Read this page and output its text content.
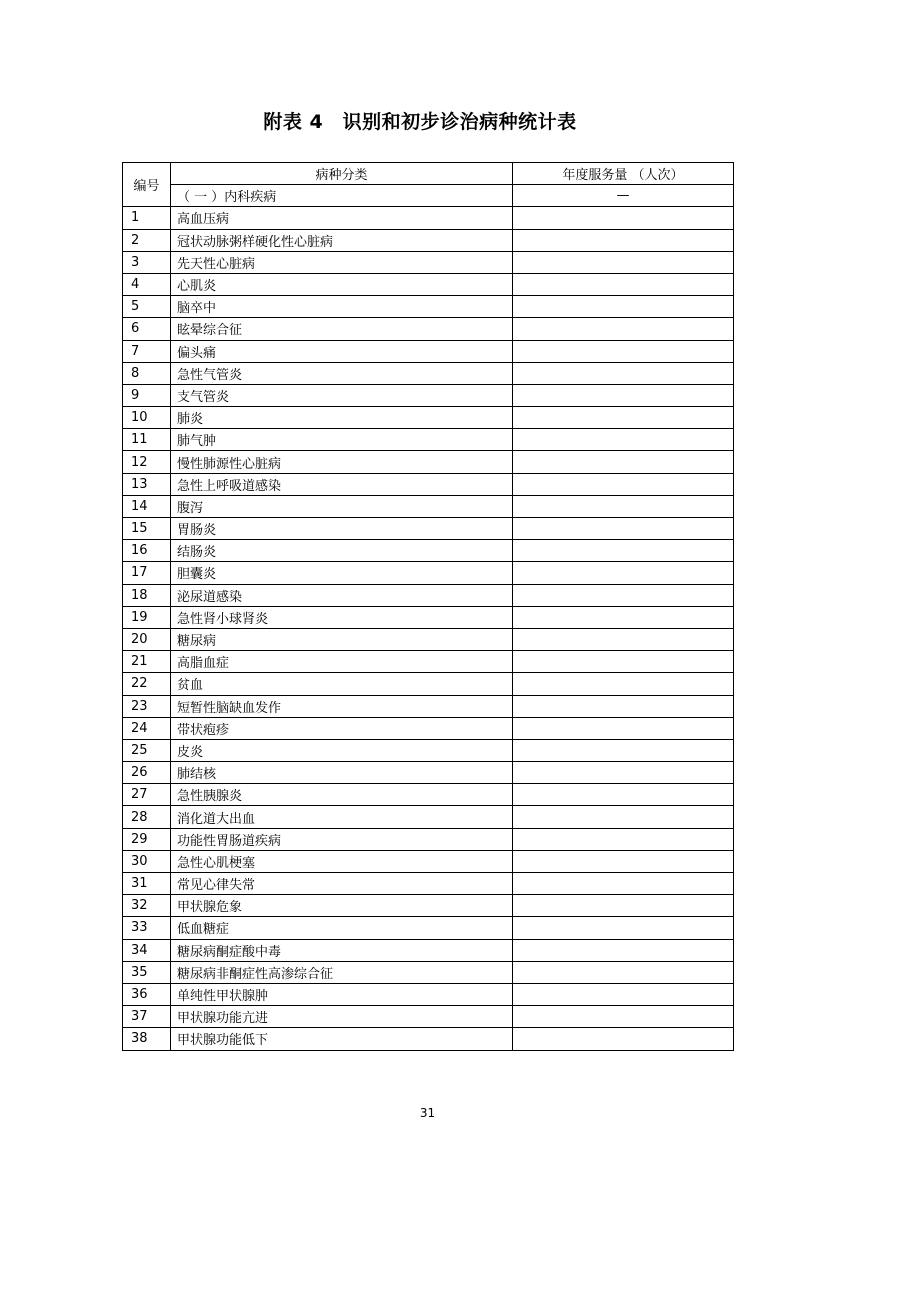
附表 4　识别和初步诊治病种统计表
编号	病种分类	年度服务量 （人次）
	（ 一 ）内科疾病	—
1	高血压病	
2	冠状动脉粥样硬化性心脏病	
3	先天性心脏病	
4	心肌炎	
5	脑卒中	
6	眩晕综合征	
7	偏头痛	
8	急性气管炎	
9	支气管炎	
10	肺炎	
11	肺气肿	
12	慢性肺源性心脏病	
13	急性上呼吸道感染	
14	腹泻	
15	胃肠炎	
16	结肠炎	
17	胆囊炎	
18	泌尿道感染	
19	急性肾小球肾炎	
20	糖尿病	
21	高脂血症	
22	贫血	
23	短暂性脑缺血发作	
24	带状疱疹	
25	皮炎	
26	肺结核	
27	急性胰腺炎	
28	消化道大出血	
29	功能性胃肠道疾病	
30	急性心肌梗塞	
31	常见心律失常	
32	甲状腺危象	
33	低血糖症	
34	糖尿病酮症酸中毒	
35	糖尿病非酮症性高渗综合征	
36	单纯性甲状腺肿	
37	甲状腺功能亢进	
38	甲状腺功能低下	
31
